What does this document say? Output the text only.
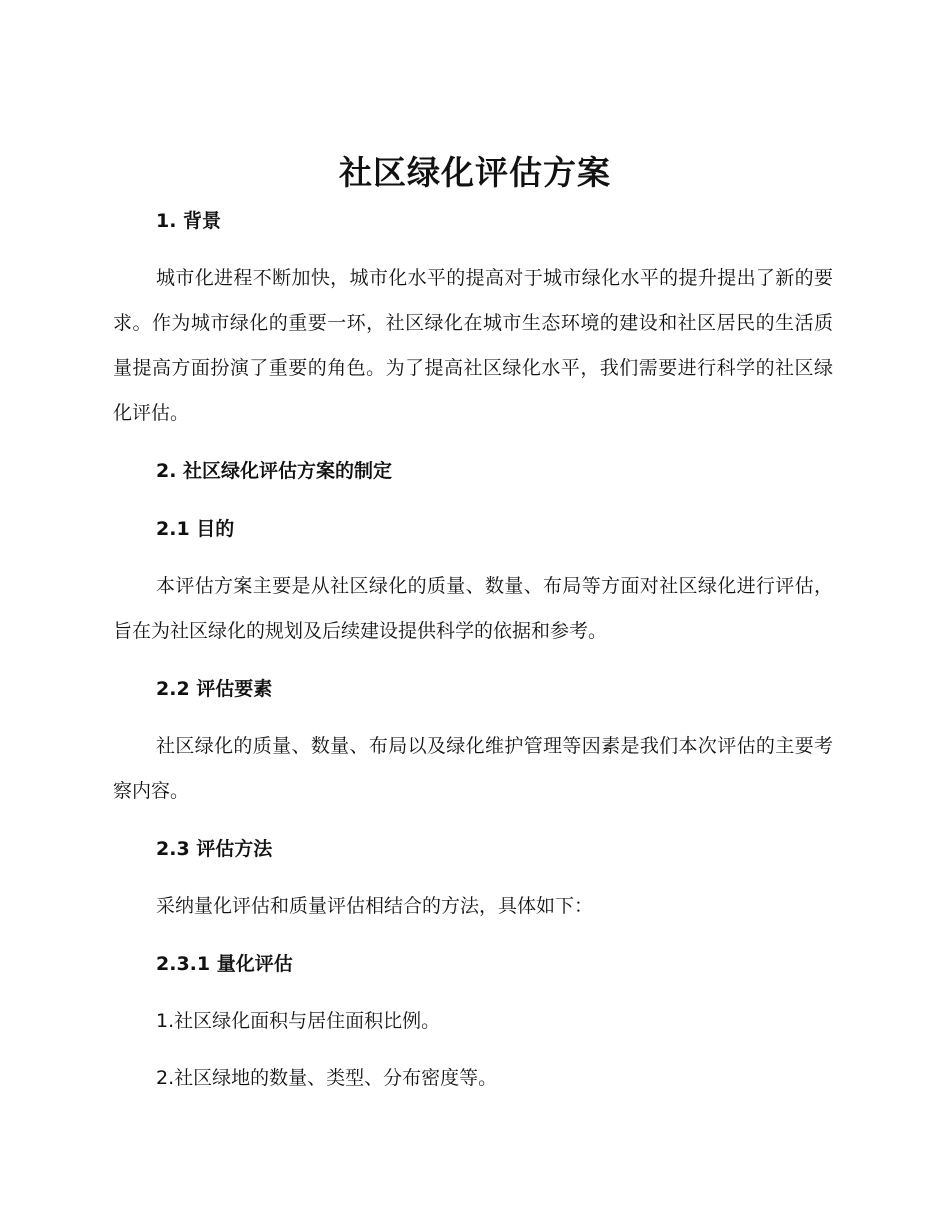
社区绿化评估方案
1. 背景
城市化进程不断加快，城市化水平的提高对于城市绿化水平的提升提出了新的要求。作为城市绿化的重要一环，社区绿化在城市生态环境的建设和社区居民的生活质量提高方面扮演了重要的角色。为了提高社区绿化水平，我们需要进行科学的社区绿化评估。
2. 社区绿化评估方案的制定
2.1 目的
本评估方案主要是从社区绿化的质量、数量、布局等方面对社区绿化进行评估，旨在为社区绿化的规划及后续建设提供科学的依据和参考。
2.2 评估要素
社区绿化的质量、数量、布局以及绿化维护管理等因素是我们本次评估的主要考察内容。
2.3 评估方法
采纳量化评估和质量评估相结合的方法，具体如下：
2.3.1 量化评估
1.社区绿化面积与居住面积比例。
2.社区绿地的数量、类型、分布密度等。
